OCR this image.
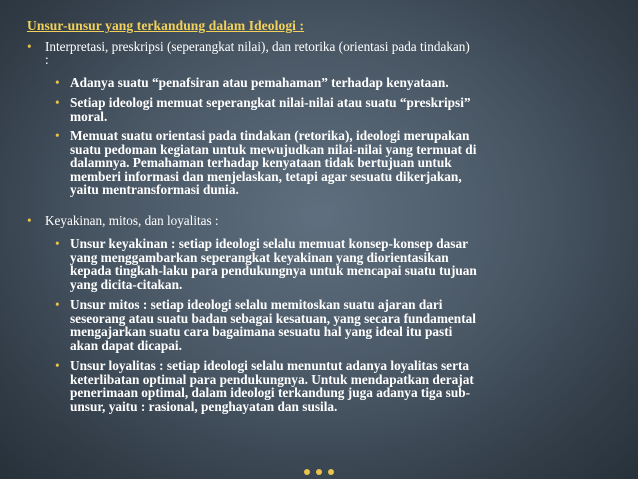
Unsur-unsur yang terkandung dalam Ideologi :
• Interpretasi, preskripsi (seperangkat nilai), dan retorika (orientasi pada tindakan)
:
• Adanya suatu “penafsiran atau pemahaman” terhadap kenyataan.
• Setiap ideologi memuat seperangkat nilai-nilai atau suatu “preskripsi”
moral.
• Memuat suatu orientasi pada tindakan (retorika), ideologi merupakan
suatu pedoman kegiatan untuk mewujudkan nilai-nilai yang termuat di
dalamnya. Pemahaman terhadap kenyataan tidak bertujuan untuk
memberi informasi dan menjelaskan, tetapi agar sesuatu dikerjakan,
yaitu mentransformasi dunia.
• Keyakinan, mitos, dan loyalitas :
• Unsur keyakinan : setiap ideologi selalu memuat konsep-konsep dasar
yang menggambarkan seperangkat keyakinan yang diorientasikan
kepada tingkah-laku para pendukungnya untuk mencapai suatu tujuan
yang dicita-citakan.
• Unsur mitos : setiap ideologi selalu memitoskan suatu ajaran dari
seseorang atau suatu badan sebagai kesatuan, yang secara fundamental
mengajarkan suatu cara bagaimana sesuatu hal yang ideal itu pasti
akan dapat dicapai.
• Unsur loyalitas : setiap ideologi selalu menuntut adanya loyalitas serta
keterlibatan optimal para pendukungnya. Untuk mendapatkan derajat
penerimaan optimal, dalam ideologi terkandung juga adanya tiga sub-
unsur, yaitu : rasional, penghayatan dan susila.
